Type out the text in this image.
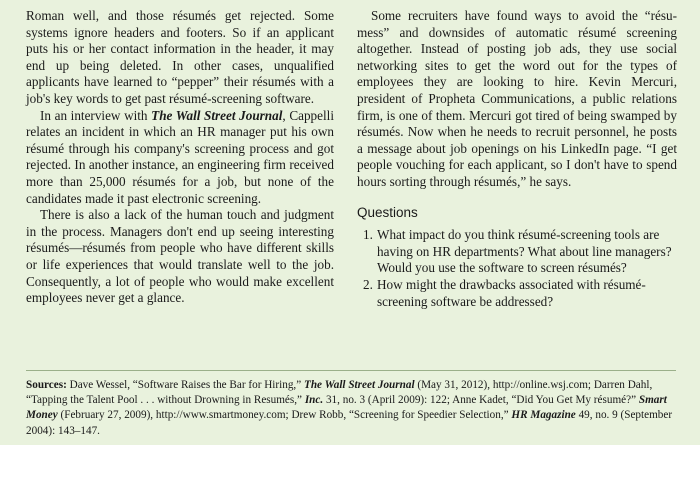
Roman well, and those résumés get rejected. Some systems ignore headers and footers. So if an applicant puts his or her contact information in the header, it may end up being deleted. In other cases, unqualified applicants have learned to “pepper” their résumés with a job's key words to get past résumé-screening software.

In an interview with The Wall Street Journal, Cappelli relates an incident in which an HR manager put his own résumé through his company's screening process and got rejected. In another instance, an engineering firm received more than 25,000 résumés for a job, but none of the candidates made it past electronic screening.

There is also a lack of the human touch and judgment in the process. Managers don't end up seeing interesting résumés—résumés from people who have different skills or life experiences that would translate well to the job. Consequently, a lot of people who would make excellent employees never get a glance.

Some recruiters have found ways to avoid the “résu-mess” and downsides of automatic résumé screening altogether. Instead of posting job ads, they use social networking sites to get the word out for the types of employees they are looking to hire. Kevin Mercuri, president of Propheta Communications, a public relations firm, is one of them. Mercuri got tired of being swamped by résumés. Now when he needs to recruit personnel, he posts a message about job openings on his LinkedIn page. “I get people vouching for each applicant, so I don't have to spend hours sorting through résumés,” he says.

Questions
1. What impact do you think résumé-screening tools are having on HR departments? What about line managers? Would you use the software to screen résumés?
2. How might the drawbacks associated with résumé-screening software be addressed?
Sources: Dave Wessel, “Software Raises the Bar for Hiring,” The Wall Street Journal (May 31, 2012), http://online.wsj.com; Darren Dahl, “Tapping the Talent Pool . . . without Drowning in Resumés,” Inc. 31, no. 3 (April 2009): 122; Anne Kadet, “Did You Get My résumé?” Smart Money (February 27, 2009), http://www.smartmoney.com; Drew Robb, “Screening for Speedier Selection,” HR Magazine 49, no. 9 (September 2004): 143–147.
